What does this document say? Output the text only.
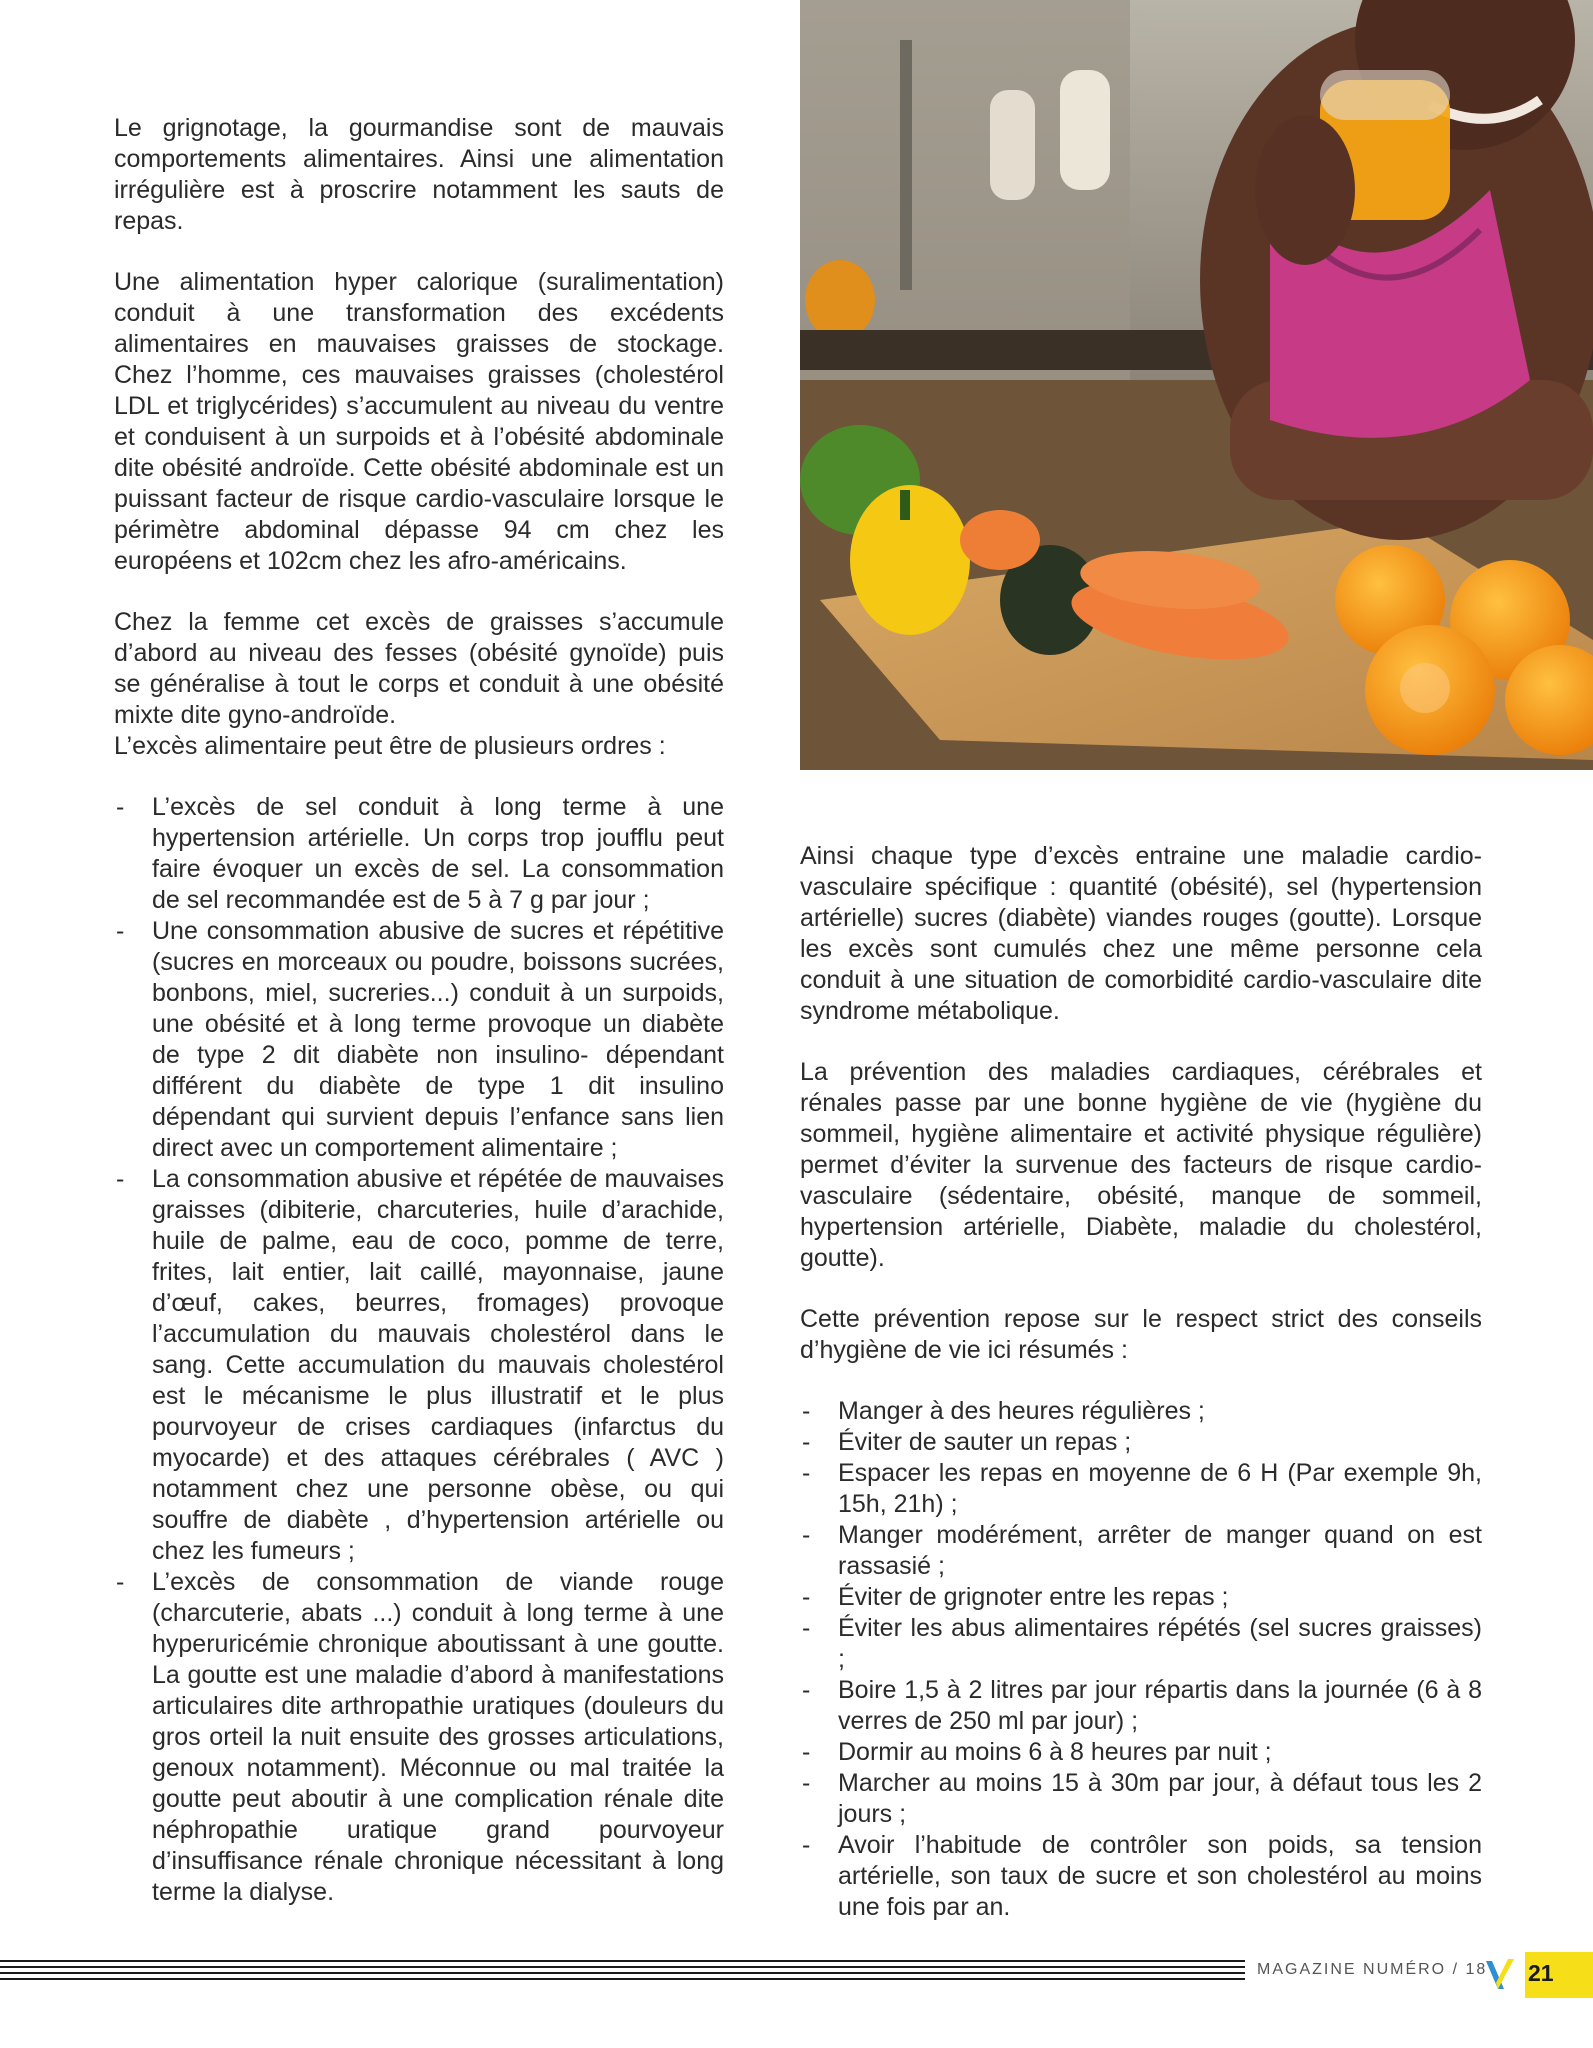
Le grignotage, la gourmandise sont de mauvais comportements alimentaires. Ainsi une alimentation irrégulière est à proscrire notamment les sauts de repas.

Une alimentation hyper calorique (suralimentation) conduit à une transformation des excédents alimentaires en mauvaises graisses de stockage. Chez l’homme, ces mauvaises graisses (cholestérol LDL et triglycérides) s’accumulent au niveau du ventre et conduisent à un surpoids et à l’obésité abdominale dite obésité androïde. Cette obésité abdominale est un puissant facteur de risque cardio-vasculaire lorsque le périmètre abdominal dépasse 94 cm chez les européens et 102cm chez les afro-américains.

Chez la femme cet excès de graisses s’accumule d’abord au niveau des fesses (obésité gynoïde) puis se généralise à tout le corps et conduit à une obésité mixte dite gyno-androïde.

L’excès alimentaire peut être de plusieurs ordres :

- L’excès de sel conduit à long terme à une hypertension artérielle. Un corps trop joufflu peut faire évoquer un excès de sel. La consommation de sel recommandée est de 5 à 7 g par jour ;
- Une consommation abusive de sucres et répétitive (sucres en morceaux ou poudre, boissons sucrées, bonbons, miel, sucreries...) conduit à un surpoids, une obésité et à long terme provoque un diabète de type 2 dit diabète non insulino- dépendant différent du diabète de type 1 dit insulino dépendant qui survient depuis l’enfance sans lien direct avec un comportement alimentaire ;
- La consommation abusive et répétée de mauvaises graisses (dibiterie, charcuteries, huile d’arachide, huile de palme, eau de coco, pomme de terre, frites, lait entier, lait caillé, mayonnaise, jaune d’œuf, cakes, beurres, fromages) provoque l’accumulation du mauvais cholestérol dans le sang. Cette accumulation du mauvais cholestérol est le mécanisme le plus illustratif et le plus pourvoyeur de crises cardiaques (infarctus du myocarde) et des attaques cérébrales ( AVC ) notamment chez une personne obèse, ou qui souffre de diabète , d’hypertension artérielle ou chez les fumeurs ;
- L’excès de consommation de viande rouge (charcuterie, abats ...) conduit à long terme à une hyperuricémie chronique aboutissant à une goutte. La goutte est une maladie d’abord à manifestations articulaires dite arthropathie uratiques (douleurs du gros orteil la nuit ensuite des grosses articulations, genoux notamment). Méconnue ou mal traitée la goutte peut aboutir à une complication rénale dite néphropathie uratique grand pourvoyeur d’insuffisance rénale chronique nécessitant à long terme la dialyse.

Ainsi chaque type d’excès entraine une maladie cardio-vasculaire spécifique : quantité (obésité), sel (hypertension artérielle) sucres (diabète) viandes rouges (goutte). Lorsque les excès sont cumulés chez une même personne cela conduit à une situation de comorbidité cardio-vasculaire dite syndrome métabolique.

La prévention des maladies cardiaques, cérébrales et rénales passe par une bonne hygiène de vie (hygiène du sommeil, hygiène alimentaire et activité physique régulière) permet d’éviter la survenue des facteurs de risque cardio-vasculaire (sédentaire, obésité, manque de sommeil, hypertension artérielle, Diabète, maladie du cholestérol, goutte).

Cette prévention repose sur le respect strict des conseils d’hygiène de vie ici résumés :

- Manger à des heures régulières ;
- Éviter de sauter un repas ;
- Espacer les repas en moyenne de 6 H (Par exemple 9h, 15h, 21h) ;
- Manger modérément, arrêter de manger quand on est rassasié ;
- Éviter de grignoter entre les repas ;
- Éviter les abus alimentaires répétés (sel sucres graisses) ;
- Boire 1,5 à 2 litres par jour répartis dans la journée (6 à 8 verres de 250 ml par jour) ;
- Dormir au moins 6 à 8 heures par nuit ;
- Marcher au moins 15 à 30m par jour, à défaut tous les 2 jours ;
- Avoir l’habitude de contrôler son poids, sa tension artérielle, son taux de sucre et son cholestérol au moins une fois par an.
MAGAZINE NUMÉRO / 18 21
